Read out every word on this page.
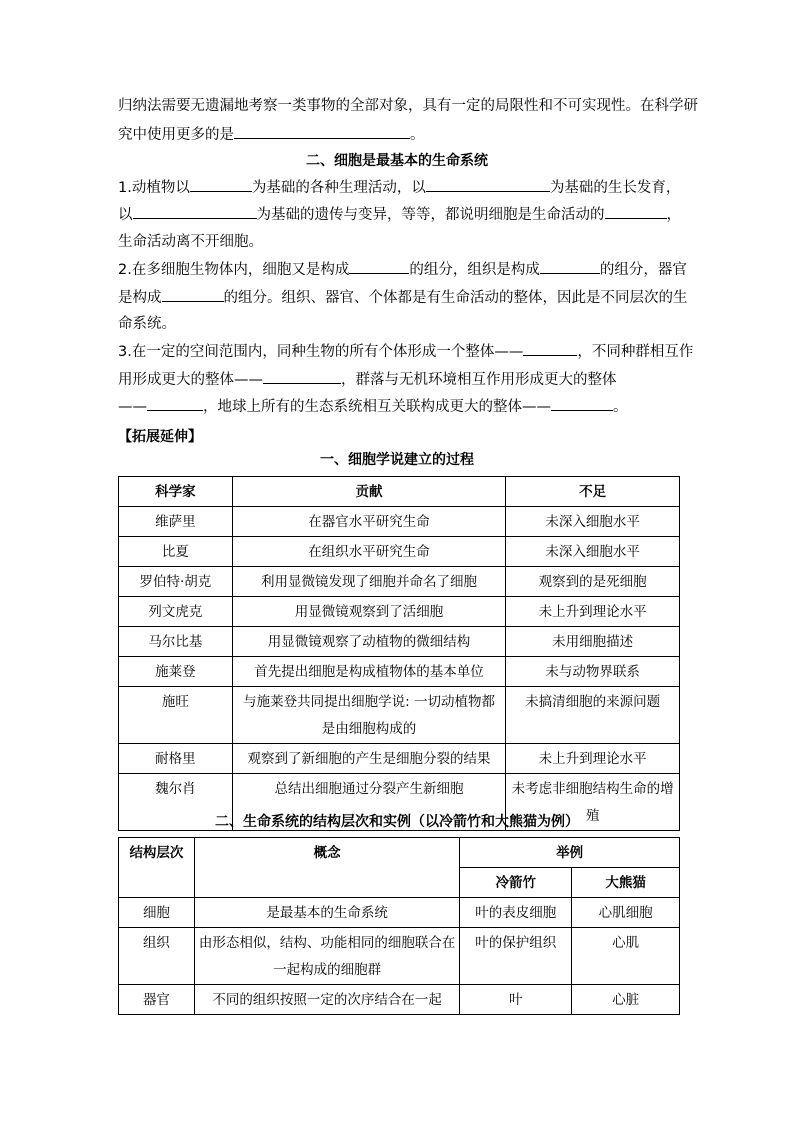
归纳法需要无遗漏地考察一类事物的全部对象，具有一定的局限性和不可实现性。在科学研
究中使用更多的是	。
二、细胞是最基本的生命系统
1.动植物以	为基础的各种生理活动，以	为基础的生长发育，
以	为基础的遗传与变异，等等，都说明细胞是生命活动的	，
生命活动离不开细胞。
2.在多细胞生物体内，细胞又是构成	的组分，组织是构成	的组分，器官
是构成	的组分。组织、器官、个体都是有生命活动的整体，因此是不同层次的生
命系统。
3.在一定的空间范围内，同种生物的所有个体形成一个整体——	，不同种群相互作
用形成更大的整体——	，群落与无机环境相互作用形成更大的整体
——	，地球上所有的生态系统相互关联构成更大的整体——	。
【拓展延伸】
一、细胞学说建立的过程
科学家	贡献	不足
维萨里	在器官水平研究生命	未深入细胞水平
比夏	在组织水平研究生命	未深入细胞水平
罗伯特·胡克	利用显微镜发现了细胞并命名了细胞	观察到的是死细胞
列文虎克	用显微镜观察到了活细胞	未上升到理论水平
马尔比基	用显微镜观察了动植物的微细结构	未用细胞描述
施莱登	首先提出细胞是构成植物体的基本单位	未与动物界联系
施旺	与施莱登共同提出细胞学说: 一切动植物都是由细胞构成的	未搞清细胞的来源问题
耐格里	观察到了新细胞的产生是细胞分裂的结果	未上升到理论水平
魏尔肖	总结出细胞通过分裂产生新细胞	未考虑非细胞结构生命的增殖
二、生命系统的结构层次和实例（以冷箭竹和大熊猫为例）
结构层次	概念	举例	
		冷箭竹	大熊猫
细胞	是最基本的生命系统	叶的表皮细胞	心肌细胞
组织	由形态相似，结构、功能相同的细胞联合在一起构成的细胞群	叶的保护组织	心肌
器官	不同的组织按照一定的次序结合在一起	叶	心脏
